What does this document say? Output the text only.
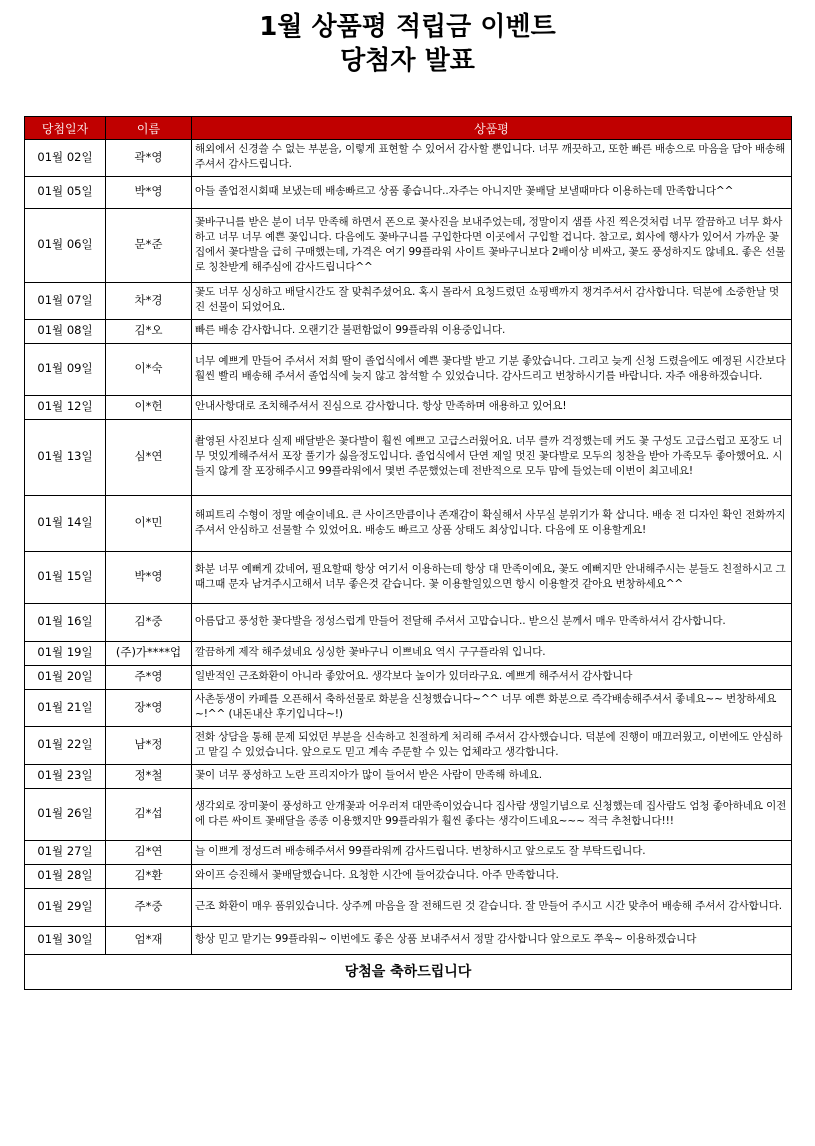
1월 상품평 적립금 이벤트
당첨자 발표
당첨일자	이름	상품평
01월 02일	곽*영	해외에서 신경쓸 수 없는 부분을, 이렇게 표현할 수 있어서 감사할 뿐입니다. 너무 깨끗하고, 또한 빠른 배송으로 마음을 담아 배송해 주셔서 감사드립니다.
01월 05일	박*영	아들 졸업전시회때 보냈는데 배송빠르고 상품 좋습니다..자주는 아니지만 꽃배달 보낼때마다 이용하는데 만족합니다^^
01월 06일	문*준	꽃바구니를 받은 분이 너무 만족해 하면서 폰으로 꽃사진을 보내주었는데, 정말이지 샘플 사진 찍은것처럼 너무 깔끔하고 너무 화사하고 너무 너무 예쁜 꽃입니다. 다음에도 꽃바구니를 구입한다면 이곳에서 구입할 겁니다. 참고로, 회사에 행사가 있어서 가까운 꽃집에서 꽃다발을 급히 구매했는데, 가격은 여기 99플라워 사이트 꽃바구니보다 2배이상 비싸고, 꽃도 풍성하지도 않네요. 좋은 선물로 칭찬받게 해주심에 감사드립니다^^
01월 07일	차*경	꽃도 너무 싱싱하고 배달시간도 잘 맞춰주셨어요. 혹시 몰라서 요청드렸던 쇼핑백까지 챙겨주셔서 감사합니다. 덕분에 소중한날 멋진 선물이 되었어요.
01월 08일	김*오	빠른 배송 감사합니다. 오랜기간 불편함없이 99플라워 이용중입니다.
01월 09일	이*숙	너무 예쁘게 만들어 주셔서 저희 딸이 졸업식에서 예쁜 꽃다발 받고 기분 좋았습니다. 그리고 늦게 신청 드렸을에도 예정된 시간보다 훨씬 빨리 배송해 주셔서 졸업식에 늦지 않고 참석할 수 있었습니다. 감사드리고 번창하시기를 바랍니다. 자주 애용하겠습니다.
01월 12일	이*헌	안내사항대로 조치해주셔서 진심으로 감사합니다. 항상 만족하며 애용하고 있어요!
01월 13일	심*연	촬영된 사진보다 실제 배달받은 꽃다발이 훨씬 예쁘고 고급스러웠어요. 너무 클까 걱정했는데 커도 꽃 구성도 고급스럽고 포장도 너무 멋있게해주셔서 포장 풀기가 싫을정도입니다. 졸업식에서 단연 제일 멋진 꽃다발로 모두의 칭찬을 받아 가족모두 좋아했어요. 시들지 않게 잘 포장해주시고 99플라워에서 몇번 주문했었는데 전반적으로 모두 맘에 들었는데 이번이 최고네요!
01월 14일	이*민	해피트리 수형이 정말 예술이네요. 큰 사이즈만큼이나 존재감이 확실해서 사무실 분위기가 확 삽니다. 배송 전 디자인 확인 전화까지 주셔서 안심하고 선물할 수 있었어요. 배송도 빠르고 상품 상태도 최상입니다. 다음에 또 이용할게요!
01월 15일	박*영	화분 너무 예뻐게 갔네여, 필요할때 항상 여기서 이용하는데 항상 대 만족이예요, 꽃도 예뻐지만 안내해주시는 분들도 친절하시고 그때그때 문자 남겨주시고해서 너무 좋은것 같습니다. 꽃 이용할일있으면 항시 이용할것 같아요 번창하세요^^
01월 16일	김*중	아름답고 풍성한 꽃다발을 정성스럽게 만들어 전달해 주셔서 고맙습니다.. 받으신 분께서 매우 만족하셔서 감사합니다.
01월 19일	(주)가****업	깔끔하게 제작 해주셨네요 싱싱한 꽃바구니 이쁘네요 역시 구구플라워 입니다.
01월 20일	주*영	일반적인 근조화환이 아니라 좋았어요. 생각보다 높이가 있더라구요. 예쁘게 해주셔서 감사합니다
01월 21일	장*영	사촌동생이 카페를 오픈해서 축하선물로 화분을 신청했습니다~^^ 너무 예쁜 화분으로 즉각배송해주셔서 좋네요~~ 번창하세요~!^^ (내돈내산 후기입니다~!)
01월 22일	남*정	전화 상담을 통해 문제 되었던 부분을 신속하고 친절하게 처리해 주셔서 감사했습니다. 덕분에 진행이 매끄러웠고, 이번에도 안심하고 맡길 수 있었습니다. 앞으로도 믿고 계속 주문할 수 있는 업체라고 생각합니다.
01월 23일	정*철	꽃이 너무 풍성하고 노란 프리지아가 많이 들어서 받은 사람이 만족해 하네요.
01월 26일	김*섭	생각외로 장미꽃이 풍성하고 안개꽃과 어우러져 대만족이었습니다 집사람 생일기념으로 신청했는데 집사람도 엄청 좋아하네요 이전에 다른 싸이트 꽃배달을 종종 이용했지만 99플라워가 훨씬 좋다는 생각이드네요~~~ 적극 추천합니다!!!
01월 27일	김*연	늘 이쁘게 정성드려 배송해주셔서 99플라워께 감사드립니다. 번창하시고 앞으로도 잘 부탁드립니다.
01월 28일	김*환	와이프 승진해서 꽃배달했습니다. 요청한 시간에 들어갔습니다. 아주 만족합니다.
01월 29일	주*중	근조 화환이 매우 품위있습니다. 상주께 마음을 잘 전해드린 것 같습니다. 잘 만들어 주시고 시간 맞추어 배송해 주셔서 감사합니다.
01월 30일	엄*재	항상 믿고 맡기는 99플라워~ 이번에도 좋은 상품 보내주셔서 정말 감사합니다 앞으로도 쭈욱~ 이용하겠습니다
당첨을 축하드립니다		
